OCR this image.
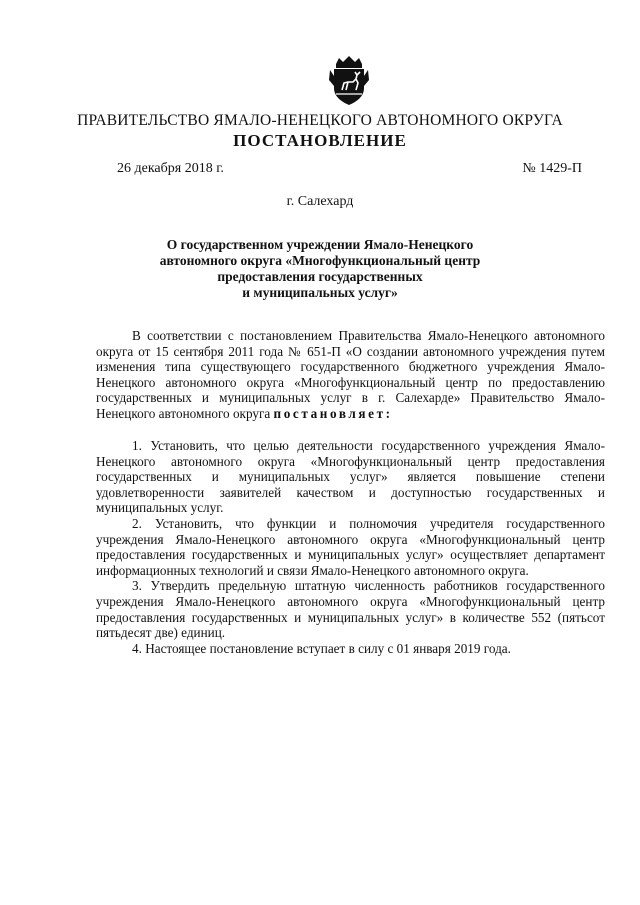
ПРАВИТЕЛЬСТВО ЯМАЛО-НЕНЕЦКОГО АВТОНОМНОГО ОКРУГА
ПОСТАНОВЛЕНИЕ
26 декабря 2018 г.	№ 1429-П
г. Салехард
О государственном учреждении Ямало-Ненецкого
автономного округа «Многофункциональный центр
предоставления государственных
и муниципальных услуг»

В соответствии с постановлением Правительства Ямало-Ненецкого автономного округа от 15 сентября 2011 года № 651-П «О создании автономного учреждения путем изменения типа существующего государственного бюджетного учреждения Ямало-Ненецкого автономного округа «Многофункциональный центр по предоставлению государственных и муниципальных услуг в г. Салехарде» Правительство Ямало-Ненецкого автономного округа постановляет:

1. Установить, что целью деятельности государственного учреждения Ямало-Ненецкого автономного округа «Многофункциональный центр предоставления государственных и муниципальных услуг» является повышение степени удовлетворенности заявителей качеством и доступностью государственных и муниципальных услуг.

2. Установить, что функции и полномочия учредителя государственного учреждения Ямало-Ненецкого автономного округа «Многофункциональный центр предоставления государственных и муниципальных услуг» осуществляет департамент информационных технологий и связи Ямало-Ненецкого автономного округа.

3. Утвердить предельную штатную численность работников государственного учреждения Ямало-Ненецкого автономного округа «Многофункциональный центр предоставления государственных и муниципальных услуг» в количестве 552 (пятьсот пятьдесят две) единиц.

4. Настоящее постановление вступает в силу с 01 января 2019 года.
